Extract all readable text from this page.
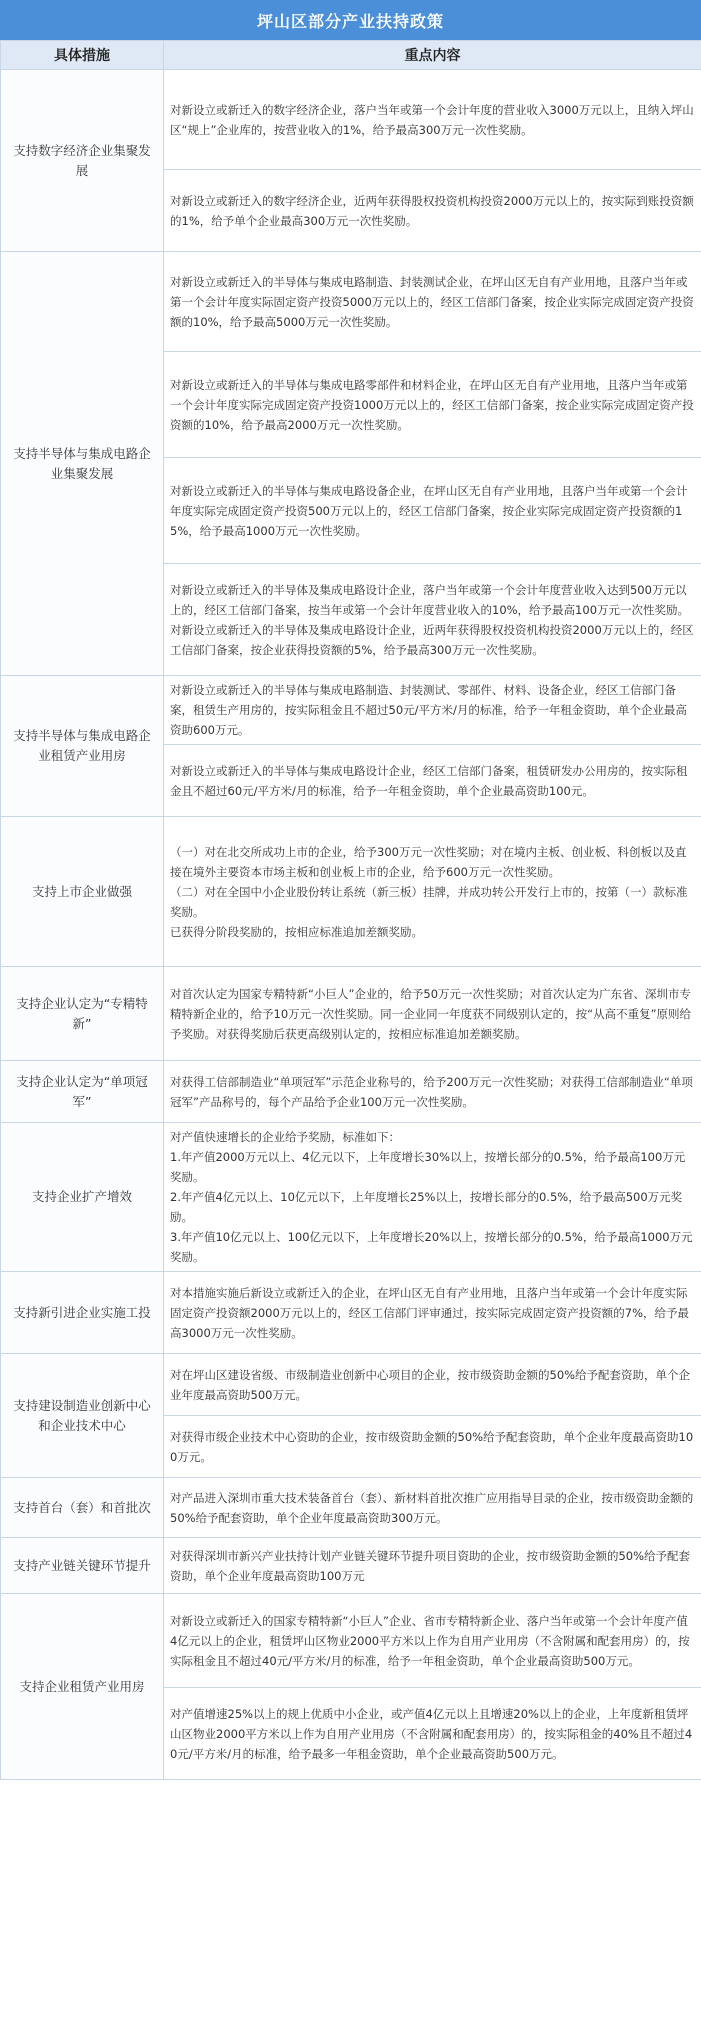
坪山区部分产业扶持政策
具体措施	重点内容
支持数字经济企业集聚发展	对新设立或新迁入的数字经济企业，落户当年或第一个会计年度的营业收入3000万元以上，且纳入坪山区“规上”企业库的，按营业收入的1%，给予最高300万元一次性奖励。

	对新设立或新迁入的数字经济企业，近两年获得股权投资机构投资2000万元以上的，按实际到账投资额的1%，给予单个企业最高300万元一次性奖励。

支持半导体与集成电路企业集聚发展	对新设立或新迁入的半导体与集成电路制造、封装测试企业，在坪山区无自有产业用地，且落户当年或第一个会计年度实际固定资产投资5000万元以上的，经区工信部门备案，按企业实际完成固定资产投资额的10%，给予最高5000万元一次性奖励。

	对新设立或新迁入的半导体与集成电路零部件和材料企业，在坪山区无自有产业用地，且落户当年或第一个会计年度实际完成固定资产投资1000万元以上的，经区工信部门备案，按企业实际完成固定资产投资额的10%，给予最高2000万元一次性奖励。

	对新设立或新迁入的半导体与集成电路设备企业，在坪山区无自有产业用地，且落户当年或第一个会计年度实际完成固定资产投资500万元以上的，经区工信部门备案，按企业实际完成固定资产投资额的15%，给予最高1000万元一次性奖励。

	对新设立或新迁入的半导体及集成电路设计企业，落户当年或第一个会计年度营业收入达到500万元以上的，经区工信部门备案，按当年或第一个会计年度营业收入的10%，给予最高100万元一次性奖励。
对新设立或新迁入的半导体及集成电路设计企业，近两年获得股权投资机构投资2000万元以上的，经区工信部门备案，按企业获得投资额的5%，给予最高300万元一次性奖励。

支持半导体与集成电路企业租赁产业用房	对新设立或新迁入的半导体与集成电路制造、封装测试、零部件、材料、设备企业，经区工信部门备案，租赁生产用房的，按实际租金且不超过50元/平方米/月的标准，给予一年租金资助，单个企业最高资助600万元。

	对新设立或新迁入的半导体与集成电路设计企业，经区工信部门备案，租赁研发办公用房的，按实际租金且不超过60元/平方米/月的标准，给予一年租金资助，单个企业最高资助100元。

支持上市企业做强	（一）对在北交所成功上市的企业，给予300万元一次性奖励；对在境内主板、创业板、科创板以及直接在境外主要资本市场主板和创业板上市的企业，给予600万元一次性奖励。
（二）对在全国中小企业股份转让系统（新三板）挂牌，并成功转公开发行上市的，按第（一）款标准奖励。
已获得分阶段奖励的，按相应标准追加差额奖励。

支持企业认定为“专精特新”	对首次认定为国家专精特新“小巨人”企业的，给予50万元一次性奖励；对首次认定为广东省、深圳市专精特新企业的，给予10万元一次性奖励。同一企业同一年度获不同级别认定的，按“从高不重复”原则给予奖励。对获得奖励后获更高级别认定的，按相应标准追加差额奖励。

支持企业认定为“单项冠军”	对获得工信部制造业“单项冠军”示范企业称号的，给予200万元一次性奖励；对获得工信部制造业“单项冠军”产品称号的，每个产品给予企业100万元一次性奖励。

支持企业扩产增效	对产值快速增长的企业给予奖励，标准如下：
1.年产值2000万元以上、4亿元以下，上年度增长30%以上，按增长部分的0.5%，给予最高100万元奖励。
2.年产值4亿元以上、10亿元以下，上年度增长25%以上，按增长部分的0.5%，给予最高500万元奖励。
3.年产值10亿元以上、100亿元以下，上年度增长20%以上，按增长部分的0.5%，给予最高1000万元奖励。

支持新引进企业实施工投	对本措施实施后新设立或新迁入的企业，在坪山区无自有产业用地，且落户当年或第一个会计年度实际固定资产投资额2000万元以上的，经区工信部门评审通过，按实际完成固定资产投资额的7%，给予最高3000万元一次性奖励。

支持建设制造业创新中心和企业技术中心	对在坪山区建设省级、市级制造业创新中心项目的企业，按市级资助金额的50%给予配套资助，单个企业年度最高资助500万元。

	对获得市级企业技术中心资助的企业，按市级资助金额的50%给予配套资助，单个企业年度最高资助100万元。

支持首台（套）和首批次	对产品进入深圳市重大技术装备首台（套）、新材料首批次推广应用指导目录的企业，按市级资助金额的50%给予配套资助，单个企业年度最高资助300万元。

支持产业链关键环节提升	对获得深圳市新兴产业扶持计划产业链关键环节提升项目资助的企业，按市级资助金额的50%给予配套资助，单个企业年度最高资助100万元

支持企业租赁产业用房	对新设立或新迁入的国家专精特新“小巨人”企业、省市专精特新企业、落户当年或第一个会计年度产值4亿元以上的企业，租赁坪山区物业2000平方米以上作为自用产业用房（不含附属和配套用房）的，按实际租金且不超过40元/平方米/月的标准，给予一年租金资助，单个企业最高资助500万元。

	对产值增速25%以上的规上优质中小企业，或产值4亿元以上且增速20%以上的企业，上年度新租赁坪山区物业2000平方米以上作为自用产业用房（不含附属和配套用房）的，按实际租金的40%且不超过40元/平方米/月的标准，给予最多一年租金资助，单个企业最高资助500万元。
